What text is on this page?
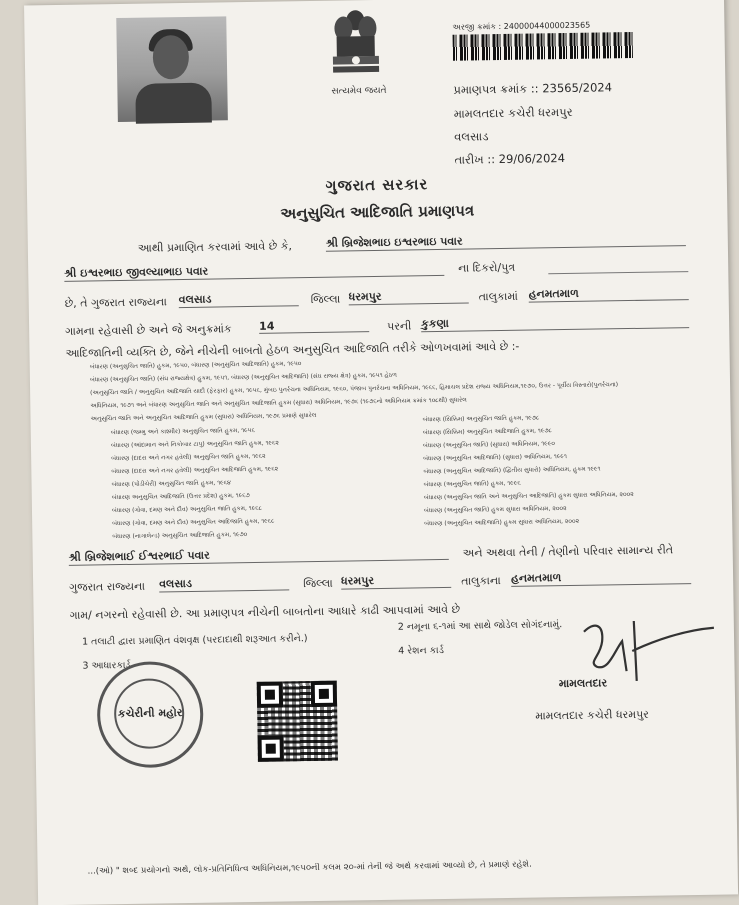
સત્યમેવ જયતે
અરજી ક્રમાંક : 240000440000235​65
પ્રમાણપત્ર ક્રમાંક :: 23565/2024
મામલતદાર કચેરી ધરમપુર
વલસાડ
તારીખ :: 29/06/2024
ગુજરાત સરકાર
અનુસુચિત આદિજાતિ પ્રમાણપત્ર
આથી પ્રમાણિત કરવામાં આવે છે કે,	શ્રી બ્રિજેશભાઇ ઇશ્વરભાઇ પવાર
શ્રી ઇશ્વરભાઇ જીવલ્યાભાઇ પવાર	ના દિકરો/પુત્ર
છે, તે ગુજરાત રાજ્યના વલસાડ	જિલ્લા ધરમપુર	તાલુકામાં હનમતમાળ
ગામના રહેવાસી છે અને જે અનુક્રમાંક 14	પરની કુકણા
આદિજાતિની વ્યક્તિ છે, જેને નીચેની બાબતો હેઠળ અનુસુચિત આદિજાતિ તરીકે ઓળખવામાં આવે છે :-
બંધારણ (અનુસુચિત જાતિ) હુકમ, ૧૯૫૦, બંધારણ (અનુસુચિત આદિજાતિ) હુકમ, ૧૯૫૦
બંધારણ (અનુસુચિત જાતિ) (સંઘ રાજ્યક્ષેત્ર) હુકમ, ૧૯૫૧, બંધારણ (અનુસુચિત આદિજાતિ) (સંઘ રાજ્ય ક્ષેત્ર) હુકમ, ૧૯૫૧ હેઠળ
(અનુસુચિત જાતિ / અનુસુચિત આદિજાતિ યાદી (ફેરફાર) હુકમ, ૧૯૫૬, મુંબઇ પુનર્રચના અધિનિયમ, ૧૯૬૦, પંજાબ પુનર્રચના અધિનિયમ, ૧૯૬૬, હિમાચલ પ્રદેશ રાજ્ય અધિનિયમ,૧૯૭૦, ઉત્તર - પૂર્વીય વિસ્તારો(પુનર્રચના)
અધિનિયમ, ૧૯૭૧ અને બંધારણ અનુસુચિત જાતિ અને અનુસુચિત આદિજાતિ હુકમ (સુધારા) અધિનિયમ, ૧૯૭૬ (૧૯૭૬નો અધિનિયમ ક્રમાંક ૧૦૮થી) સુધારેલ
અનુસુચિત જાતિ અને અનુસુચિત આદિજાતિ હુકમ (સુધારા) અધિનિયમ, ૧૯૭૬ પ્રમાણે સુધારેલ
બંધારણ (જમ્મુ અને કાશ્મીર) અનુસુચિત જાતિ હુકમ, ૧૯૫૬
બંધારણ (આંદામાન અને નિકોબાર ટાપુ) અનુસુચિત જાતિ હુકમ, ૧૯૬૨
બંધારણ (દાદરા અને નગર હવેલી) અનુસુચિત જાતિ હુકમ, ૧૯૬૨
બંધારણ (દાદરા અને નગર હવેલી) અનુસુચિત આદિજાતિ હુકમ, ૧૯૬૨
બંધારણ (પોંડીચેરી) અનુસુચિત જાતિ હુકમ, ૧૯૬૪
બંધારણ અનુસુચિત આદિજાતિ (ઉત્તર પ્રદેશ) હુકમ, ૧૯૬૭
બંધારણ (ગોવા, દમણ અને દીવ) અનુસુચિત જાતિ હુકમ, ૧૯૬૮
બંધારણ (ગોવા, દમણ અને દીવ) અનુસુચિત આદિજાતિ હુકમ, ૧૯૬૮
બંધારણ (નાગાલેન્ડ) અનુસુચિત આદિજાતિ હુકમ, ૧૯૭૦
બંધારણ (સિક્કિમ) અનુસુચિત જાતિ હુકમ, ૧૯૭૮
બંધારણ (સિક્કિમ) અનુસુચિત આદિજાતિ હુકમ, ૧૯૭૮
બંધારણ (અનુસુચિત જાતિ) (સુધારા) અધિનિયમ, ૧૯૯૦
બંધારણ (અનુસુચિત આદિજાતિ) (સુધારા) અધિનિયમ, ૧૯૯૧
બંધારણ (અનુસુચિત આદિજાતિ) (દ્વિતીય સુધારો) અધિનિયમ, હુકમ ૧૯૯૧
બંધારણ (અનુસુચિત જાતિ) હુકમ, ૧૯૯૬
બંધારણ (અનુસુચિત જાતિ અને અનુસુચિત આદિજાતિ) હુકમ સુધારા અધિનિયમ, ૨૦૦૨
બંધારણ (અનુસુચિત જાતિ) હુકમ સુધારા અધિનિયમ, ૨૦૦૨
બંધારણ (અનુસુચિત આદિજાતિ) હુકમ સુધારા અધિનિયમ, ૨૦૦૨
શ્રી બ્રિજેશભાઈ ઈશ્વરભાઈ પવાર	અને અથવા તેની / તેણીનો પરિવાર સામાન્ય રીતે
ગુજરાત રાજ્યના વલસાડ	જિલ્લા ધરમપુર	તાલુકાના હનમતમાળ
ગામ/ નગરનો રહેવાસી છે. આ પ્રમાણપત્ર નીચેની બાબતોના આધારે કાઢી આપવામાં આવે છે
1 તલાટી દ્વારા પ્રમાણિત વંશવૃક્ષ (પરદાદાથી શરૂઆત કરીને.)
2 નમૂના ૬-૧માં આ સાથે જોડેલ સોગંદનામું.
3 આધારકાર્ડ
4 રેશન કાર્ડ
કચેરીની મહોર
મામલતદાર
મામલતદાર કચેરી ધરમપુર
...(ઓ) " શબ્દ પ્રયોગનો અર્થ, લોક-પ્રતિનિધિત્વ અધિનિયમ,૧૯૫૦ની કલમ ૨૦-માં તેની જે અર્થ કરવામાં આવ્યો છે, તે પ્રમાણે રહેશે.
